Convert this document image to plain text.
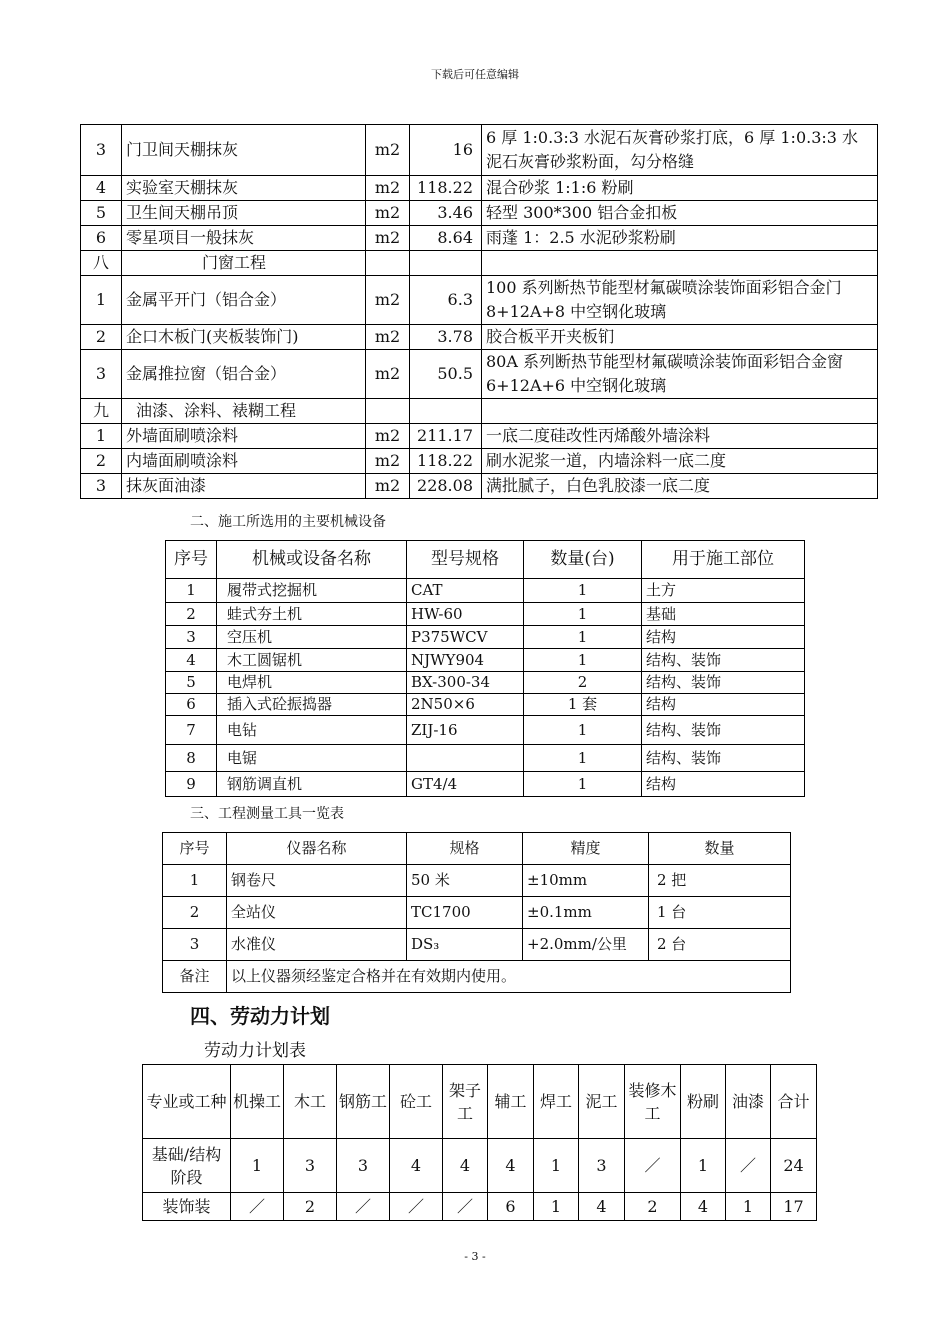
下载后可任意编辑
3	门卫间天棚抹灰	m2	16	6 厚 1:0.3:3 水泥石灰膏砂浆打底，6 厚 1:0.3:3 水泥石灰膏砂浆粉面，勾分格缝
4	实验室天棚抹灰	m2	118.22	混合砂浆 1:1:6 粉刷
5	卫生间天棚吊顶	m2	3.46	轻型 300*300 铝合金扣板
6	零星项目一般抹灰	m2	8.64	雨蓬 1：2.5 水泥砂浆粉刷
八	门窗工程			
1	金属平开门（铝合金）	m2	6.3	100 系列断热节能型材氟碳喷涂装饰面彩铝合金门 8+12A+8 中空钢化玻璃
2	企口木板门(夹板装饰门)	m2	3.78	胶合板平开夹板钔
3	金属推拉窗（铝合金）	m2	50.5	80A 系列断热节能型材氟碳喷涂装饰面彩铝合金窗 6+12A+6 中空钢化玻璃
九	油漆、涂料、裱糊工程			
1	外墙面刷喷涂料	m2	211.17	一底二度硅改性丙烯酸外墙涂料
2	内墙面刷喷涂料	m2	118.22	刷水泥浆一道，内墙涂料一底二度
3	抹灰面油漆	m2	228.08	满批腻子，白色乳胶漆一底二度
二、施工所选用的主要机械设备
序号	机械或设备名称	型号规格	数量(台)	用于施工部位
1	履带式挖掘机	CAT	1	土方
2	蛙式夯土机	HW-60	1	基础
3	空压机	P375WCV	1	结构
4	木工圆锯机	NJWY904	1	结构、装饰
5	电焊机	BX-300-34	2	结构、装饰
6	插入式砼振捣器	2N50×6	1 套	结构
7	电钻	ZIJ-16	1	结构、装饰
8	电锯		1	结构、装饰
9	钢筋调直机	GT4/4	1	结构
三、工程测量工具一览表
序号	仪器名称	规格	精度	数量
1	钢卷尺	50 米	±10mm	2 把
2	全站仪	TC1700	±0.1mm	1 台
3	水准仪	DS₃	+2.0mm/公里	2 台
备注	以上仪器须经鉴定合格并在有效期内使用。			
四、劳动力计划
劳动力计划表
专业或工种	机操工	木工	钢筋工	砼工	架子工	辅工	焊工	泥工	装修木工	粉刷	油漆	合计
基础/结构阶段	1	3	3	4	4	4	1	3	／	1	／	24
装饰装	／	2	／	／	／	6	1	4	2	4	1	17
- 3 -
